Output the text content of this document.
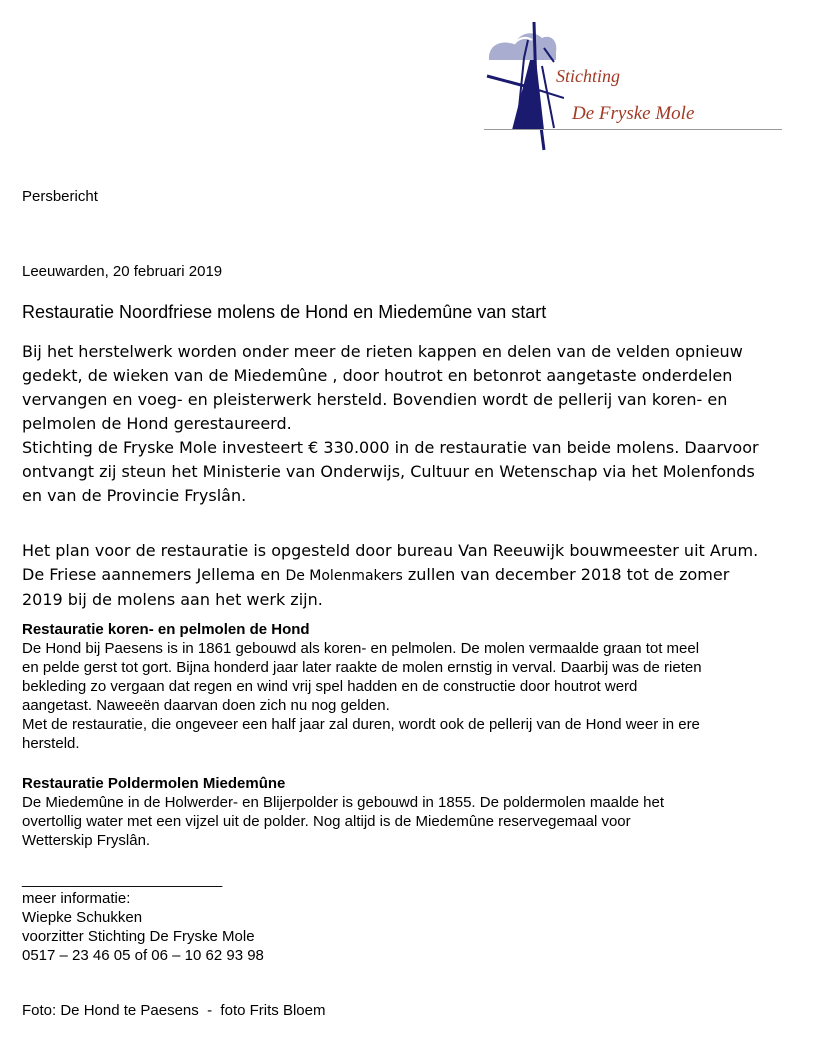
Stichting
De Fryske Mole
Persbericht
Leeuwarden, 20 februari 2019
Restauratie Noordfriese molens de Hond en Miedemûne van start
Bij het herstelwerk worden onder meer de rieten kappen en delen van de velden opnieuw
gedekt, de wieken van de Miedemûne , door houtrot en betonrot aangetaste onderdelen
vervangen en voeg- en pleisterwerk hersteld. Bovendien wordt de pellerij van koren- en
pelmolen de Hond gerestaureerd.
Stichting de Fryske Mole investeert € 330.000 in de restauratie van beide molens. Daarvoor
ontvangt zij steun het Ministerie van Onderwijs, Cultuur en Wetenschap via het Molenfonds
en van de Provincie Fryslân.
Het plan voor de restauratie is opgesteld door bureau Van Reeuwijk bouwmeester uit Arum.
De Friese aannemers Jellema en De Molenmakers zullen van december 2018 tot de zomer
2019 bij de molens aan het werk zijn.
Restauratie koren- en pelmolen de Hond
De Hond bij Paesens is in 1861 gebouwd als koren- en pelmolen. De molen vermaalde graan tot meel
en pelde gerst tot gort. Bijna honderd jaar later raakte de molen ernstig in verval. Daarbij was de rieten
bekleding zo vergaan dat regen en wind vrij spel hadden en de constructie door houtrot werd
aangetast. Naweeën daarvan doen zich nu nog gelden.
Met de restauratie, die ongeveer een half jaar zal duren, wordt ook de pellerij van de Hond weer in ere
hersteld.
Restauratie Poldermolen Miedemûne
De Miedemûne in de Holwerder- en Blijerpolder is gebouwd in 1855. De poldermolen maalde het
overtollig water met een vijzel uit de polder. Nog altijd is de Miedemûne reservegemaal voor
Wetterskip Fryslân.
________________________
meer informatie:
Wiepke Schukken
voorzitter Stichting De Fryske Mole
0517 – 23 46 05 of 06 – 10 62 93 98
Foto: De Hond te Paesens  -  foto Frits Bloem
